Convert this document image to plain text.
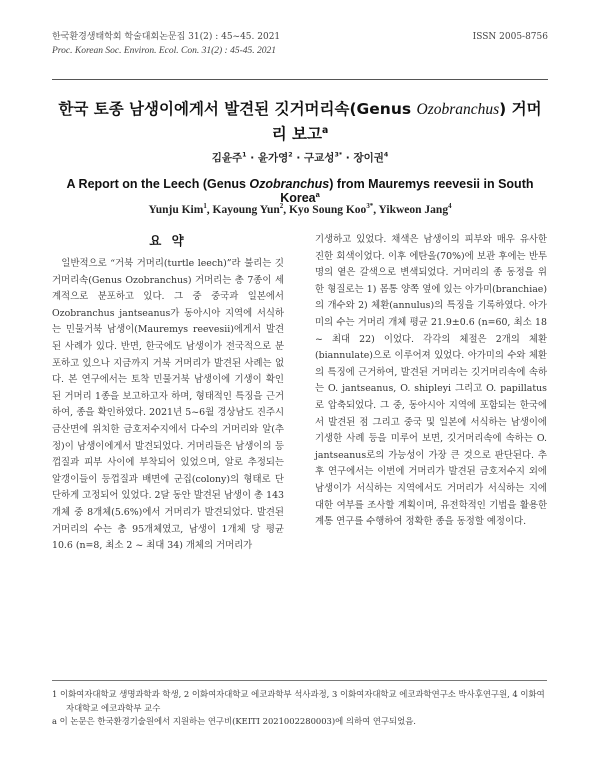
한국환경생태학회 학술대회논문집 31(2) : 45~45. 2021	ISSN 2005-8756
Proc. Korean Soc. Environ. Ecol. Con. 31(2) : 45-45. 2021
한국 토종 남생이에게서 발견된 깃거머리속(Genus Ozobranchus) 거머리 보고$^a$
김윤주$^1$ · 윤가영$^2$ · 구교성$^{3*}$ · 장이권$^4$
A Report on the Leech (Genus Ozobranchus) from Mauremys reevesii in South Korea$^a$
Yunju Kim$^1$, Kayoung Yun$^2$, Kyo Soung Koo$^{3*}$, Yikweon Jang$^4$
요 약

일반적으로 “거북 거머리(turtle leech)”라 불리는 깃거머리속(Genus Ozobranchus) 거머리는 총 7종이 세계적으로 분포하고 있다. 그 중 중국과 일본에서 Ozobranchus jantseanus가 동아시아 지역에 서식하는 민물거북 남생이(Mauremys reevesii)에게서 발견된 사례가 있다. 반면, 한국에도 남생이가 전국적으로 분포하고 있으나 지금까지 거북 거머리가 발견된 사례는 없다. 본 연구에서는 토착 민물거북 남생이에 기생이 확인된 거머리 1종을 보고하고자 하며, 형태적인 특징을 근거하여, 종을 확인하였다. 2021년 5~6월 경상남도 진주시 금산면에 위치한 금호저수지에서 다수의 거머리와 알(추정)이 남생이에게서 발견되었다. 거머리들은 남생이의 등껍질과 피부 사이에 부착되어 있었으며, 알로 추정되는 알갱이들이 등껍질과 배면에 군집(colony)의 형태로 단단하게 고정되어 있었다. 2달 동안 발견된 남생이 총 143개체 중 8개체(5.6%)에서 거머리가 발견되었다. 발견된 거머리의 수는 총 95개체였고, 남생이 1개체 당 평균 10.6 (n=8, 최소 2 ~ 최대 34) 개체의 거머리가

기생하고 있었다. 채색은 남생이의 피부와 매우 유사한 진한 회색이었다. 이후 에탄올(70%)에 보관 후에는 반투명의 옅은 갈색으로 변색되었다. 거머리의 종 동정을 위한 형질로는 1) 몸통 양쪽 옆에 있는 아가미(branchiae)의 개수와 2) 체환(annulus)의 특징을 기록하였다. 아가미의 수는 거머리 개체 평균 21.9±0.6 (n=60, 최소 18 ~ 최대 22) 이었다. 각각의 체절은 2개의 체환(biannulate)으로 이루어져 있었다. 아가미의 수와 체환의 특징에 근거하여, 발견된 거머리는 깃거머리속에 속하는 O. jantseanus, O. shipleyi 그리고 O. papillatus로 압축되었다. 그 중, 동아시아 지역에 포함되는 한국에서 발견된 점 그리고 중국 및 일본에 서식하는 남생이에 기생한 사례 등을 미루어 보면, 깃거머리속에 속하는 O. jantseanus로의 가능성이 가장 큰 것으로 판단된다. 추후 연구에서는 이번에 거머리가 발견된 금호저수지 외에 남생이가 서식하는 지역에서도 거머리가 서식하는 지에 대한 여부를 조사할 계획이며, 유전학적인 기법을 활용한 계통 연구를 수행하여 정확한 종을 동정할 예정이다.

1 이화여자대학교 생명과학과 학생, 2 이화여자대학교 에코과학부 석사과정, 3 이화여자대학교 에코과학연구소 박사후연구원, 4 이화여자대학교 에코과학부 교수

a 이 논문은 한국환경기술원에서 지원하는 연구비(KEITI 2021002280003)에 의하여 연구되었음.
